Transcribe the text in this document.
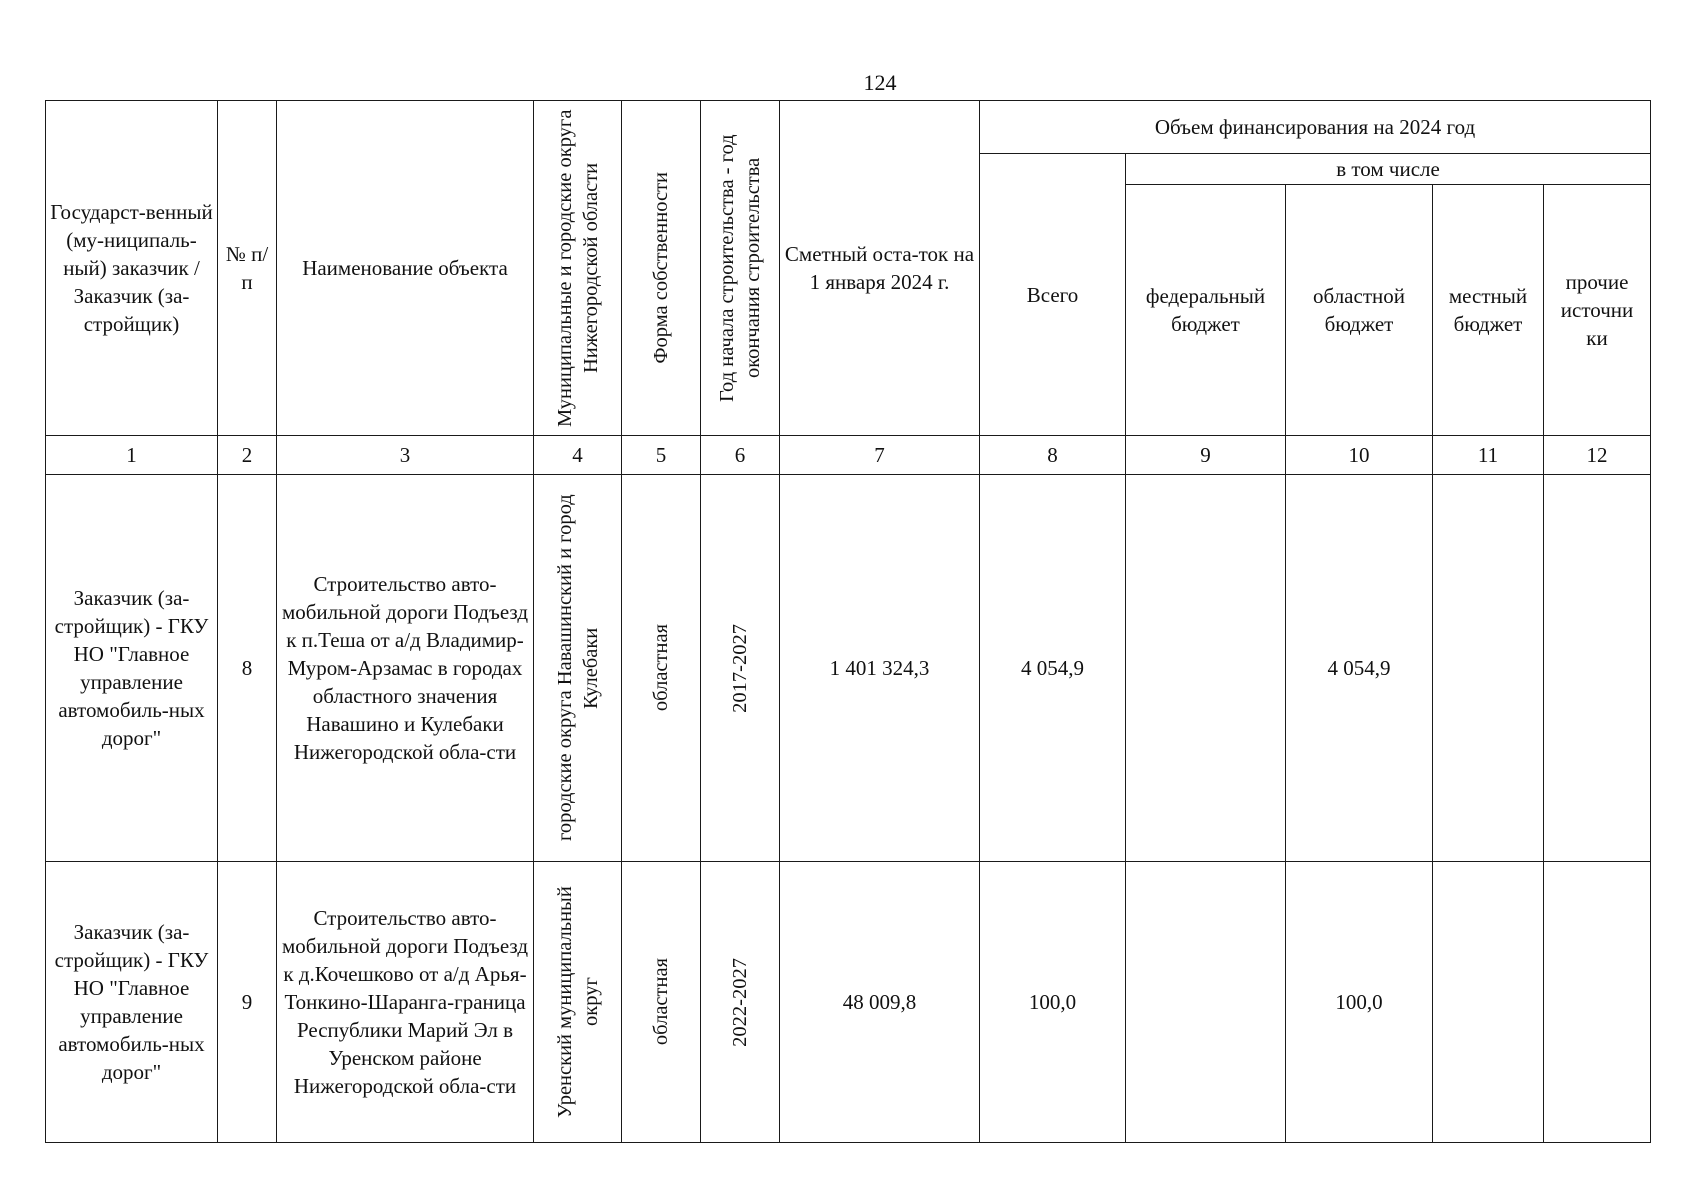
124
Государст-венный (му-ниципаль-ный) заказчик / Заказчик (за-стройщик)	№ п/п	Наименование объекта	Муниципальные и городские округа Нижегородской области	Форма собственности	Год начала строительства - год окончания строительства	Сметный оста-ток на 1 января 2024 г.	Объем финансирования на 2024 год				
							Всего	в том числе			
								федеральный бюджет	областной бюджет	местный бюджет	прочие источни ки
1	2	3	4	5	6	7	8	9	10	11	12
Заказчик (за-стройщик) - ГКУ НО "Главное управление автомобиль-ных дорог"	8	Строительство авто-мобильной дороги Подъезд к п.Теша от а/д Владимир-Муром-Арзамас в городах областного значения Навашино и Кулебаки Нижегородской обла-сти	городские округа Навашинский и город Кулебаки	областная	2017-2027	1 401 324,3	4 054,9		4 054,9		
Заказчик (за-стройщик) - ГКУ НО "Главное управление автомобиль-ных дорог"	9	Строительство авто-мобильной дороги Подъезд к д.Кочешково от а/д Арья-Тонкино-Шаранга-граница Республики Марий Эл в Уренском районе Нижегородской обла-сти	Уренский муниципальный округ	областная	2022-2027	48 009,8	100,0		100,0		
